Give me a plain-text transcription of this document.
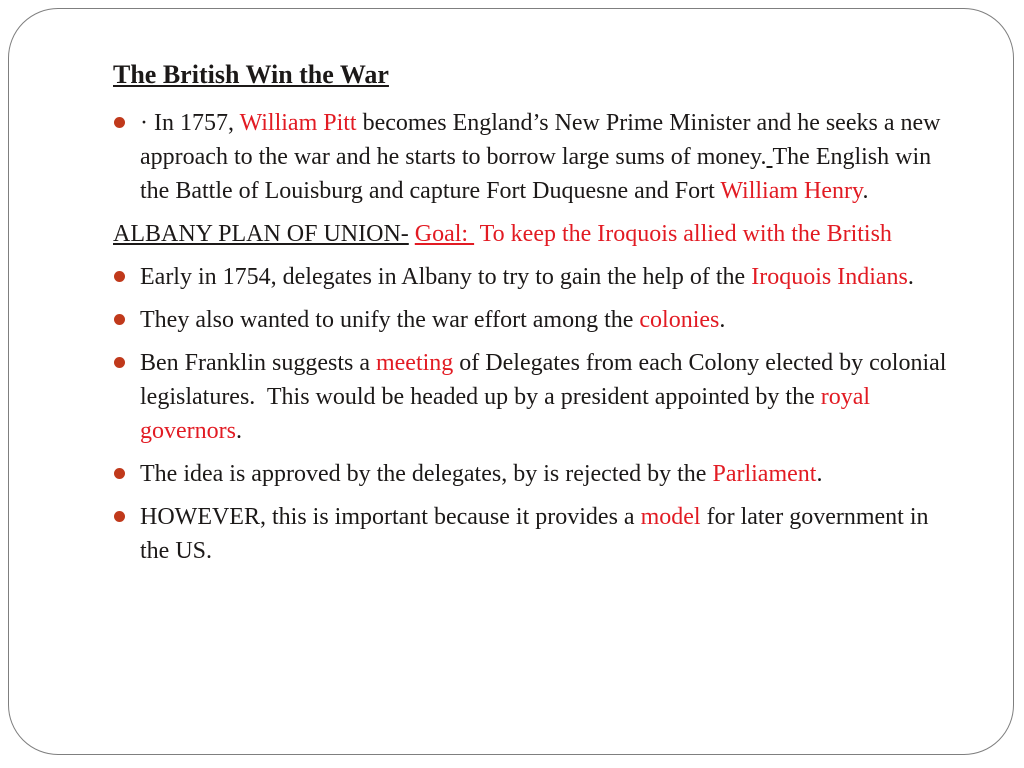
The British Win the War
· In 1757, William Pitt becomes England’s New Prime Minister and he seeks a new approach to the war and he starts to borrow large sums of money. The English win the Battle of Louisburg and capture Fort Duquesne and Fort William Henry.
ALBANY PLAN OF UNION- Goal:  To keep the Iroquois allied with the British
Early in 1754, delegates in Albany to try to gain the help of the Iroquois Indians.
They also wanted to unify the war effort among the colonies.
Ben Franklin suggests a meeting of Delegates from each Colony elected by colonial legislatures.  This would be headed up by a president appointed by the royal governors.
The idea is approved by the delegates, by is rejected by the Parliament.
HOWEVER, this is important because it provides a model for later government in the US.
